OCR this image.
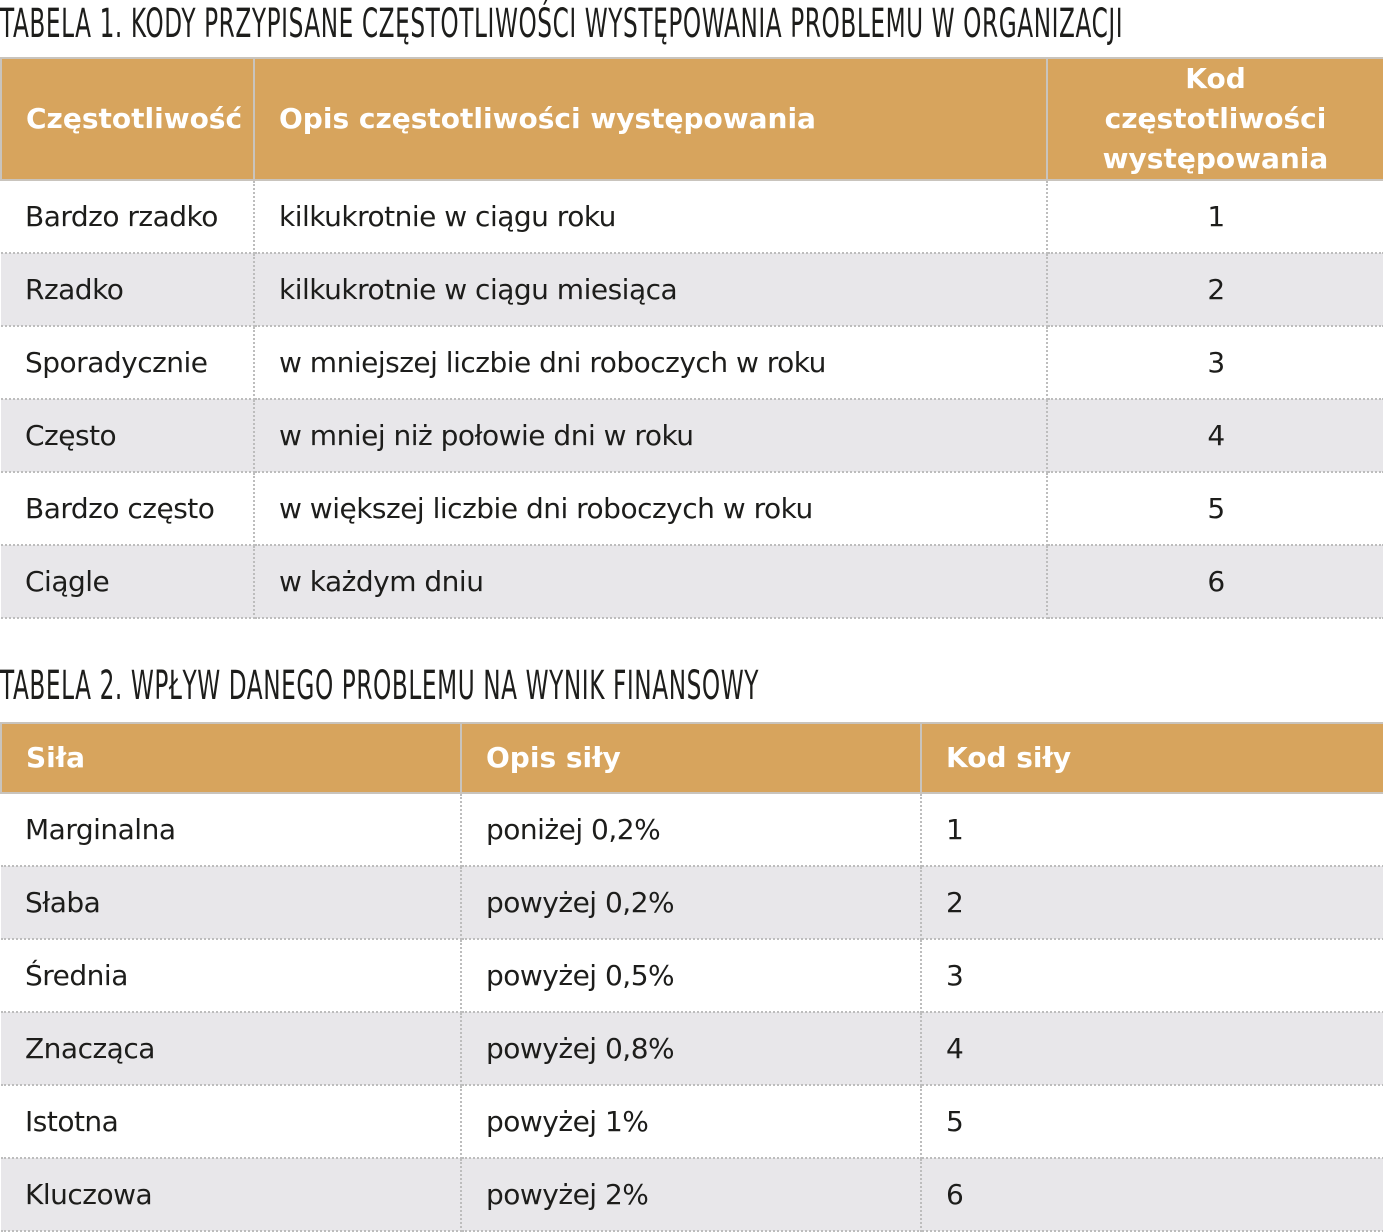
TABELA 1. KODY PRZYPISANE CZĘSTOTLIWOŚCI WYSTĘPOWANIA PROBLEMU W ORGANIZACJI
Częstotliwość	Opis częstotliwości występowania	Kod częstotliwości występowania
Bardzo rzadko	kilkukrotnie w ciągu roku	1
Rzadko	kilkukrotnie w ciągu miesiąca	2
Sporadycznie	w mniejszej liczbie dni roboczych w roku	3
Często	w mniej niż połowie dni w roku	4
Bardzo często	w większej liczbie dni roboczych w roku	5
Ciągle	w każdym dniu	6
TABELA 2. WPŁYW DANEGO PROBLEMU NA WYNIK FINANSOWY
Siła	Opis siły	Kod siły
Marginalna	poniżej 0,2%	1
Słaba	powyżej 0,2%	2
Średnia	powyżej 0,5%	3
Znacząca	powyżej 0,8%	4
Istotna	powyżej 1%	5
Kluczowa	powyżej 2%	6
